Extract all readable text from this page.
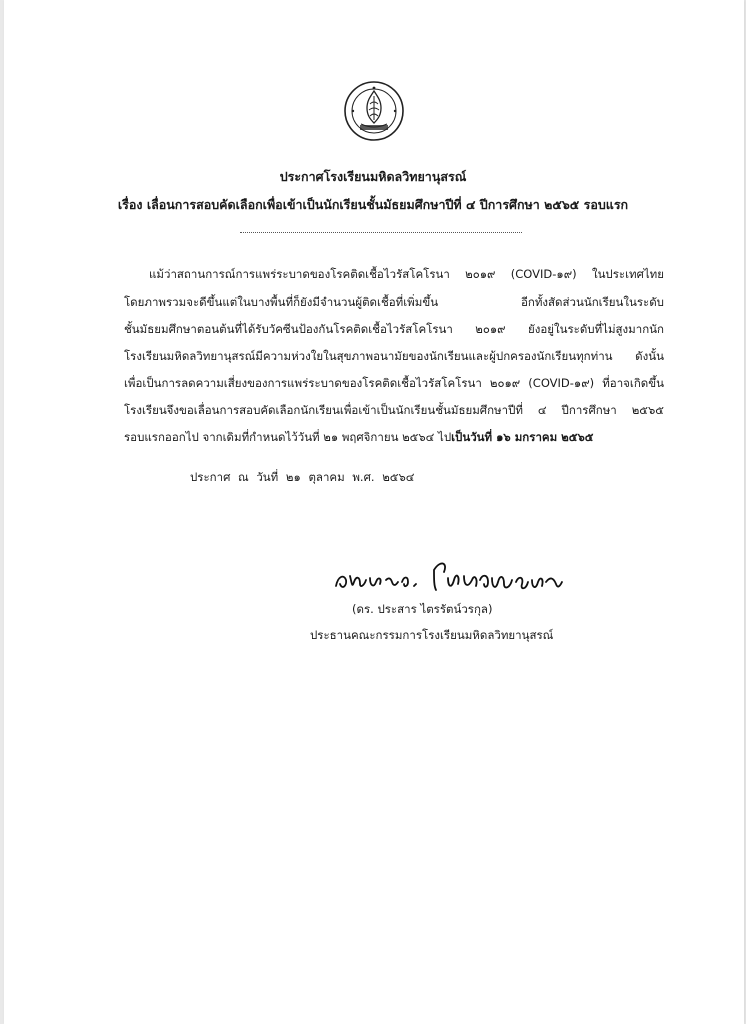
ประกาศโรงเรียนมหิดลวิทยานุสรณ์
เรื่อง เลื่อนการสอบคัดเลือกเพื่อเข้าเป็นนักเรียนชั้นมัธยมศึกษาปีที่ ๔ ปีการศึกษา ๒๕๖๕ รอบแรก
แม้ว่าสถานการณ์การแพร่ระบาดของโรคติดเชื้อไวรัสโคโรนา ๒๐๑๙ (COVID-๑๙) ในประเทศไทย
โดยภาพรวมจะดีขึ้นแต่ในบางพื้นที่ก็ยังมีจำนวนผู้ติดเชื้อที่เพิ่มขึ้น อีกทั้งสัดส่วนนักเรียนในระดับ
ชั้นมัธยมศึกษาตอนต้นที่ได้รับวัคซีนป้องกันโรคติดเชื้อไวรัสโคโรนา ๒๐๑๙ ยังอยู่ในระดับที่ไม่สูงมากนัก
โรงเรียนมหิดลวิทยานุสรณ์มีความห่วงใยในสุขภาพอนามัยของนักเรียนและผู้ปกครองนักเรียนทุกท่าน ดังนั้น
เพื่อเป็นการลดความเสี่ยงของการแพร่ระบาดของโรคติดเชื้อไวรัสโคโรนา ๒๐๑๙ (COVID-๑๙) ที่อาจเกิดขึ้น
โรงเรียนจึงขอเลื่อนการสอบคัดเลือกนักเรียนเพื่อเข้าเป็นนักเรียนชั้นมัธยมศึกษาปีที่ ๔ ปีการศึกษา ๒๕๖๕
รอบแรกออกไป จากเดิมที่กำหนดไว้วันที่ ๒๑ พฤศจิกายน ๒๕๖๔ ไปเป็นวันที่ ๑๖ มกราคม ๒๕๖๕
ประกาศ ณ วันที่ ๒๑ ตุลาคม พ.ศ. ๒๕๖๔
(ดร. ประสาร ไตรรัตน์วรกุล)
ประธานคณะกรรมการโรงเรียนมหิดลวิทยานุสรณ์
